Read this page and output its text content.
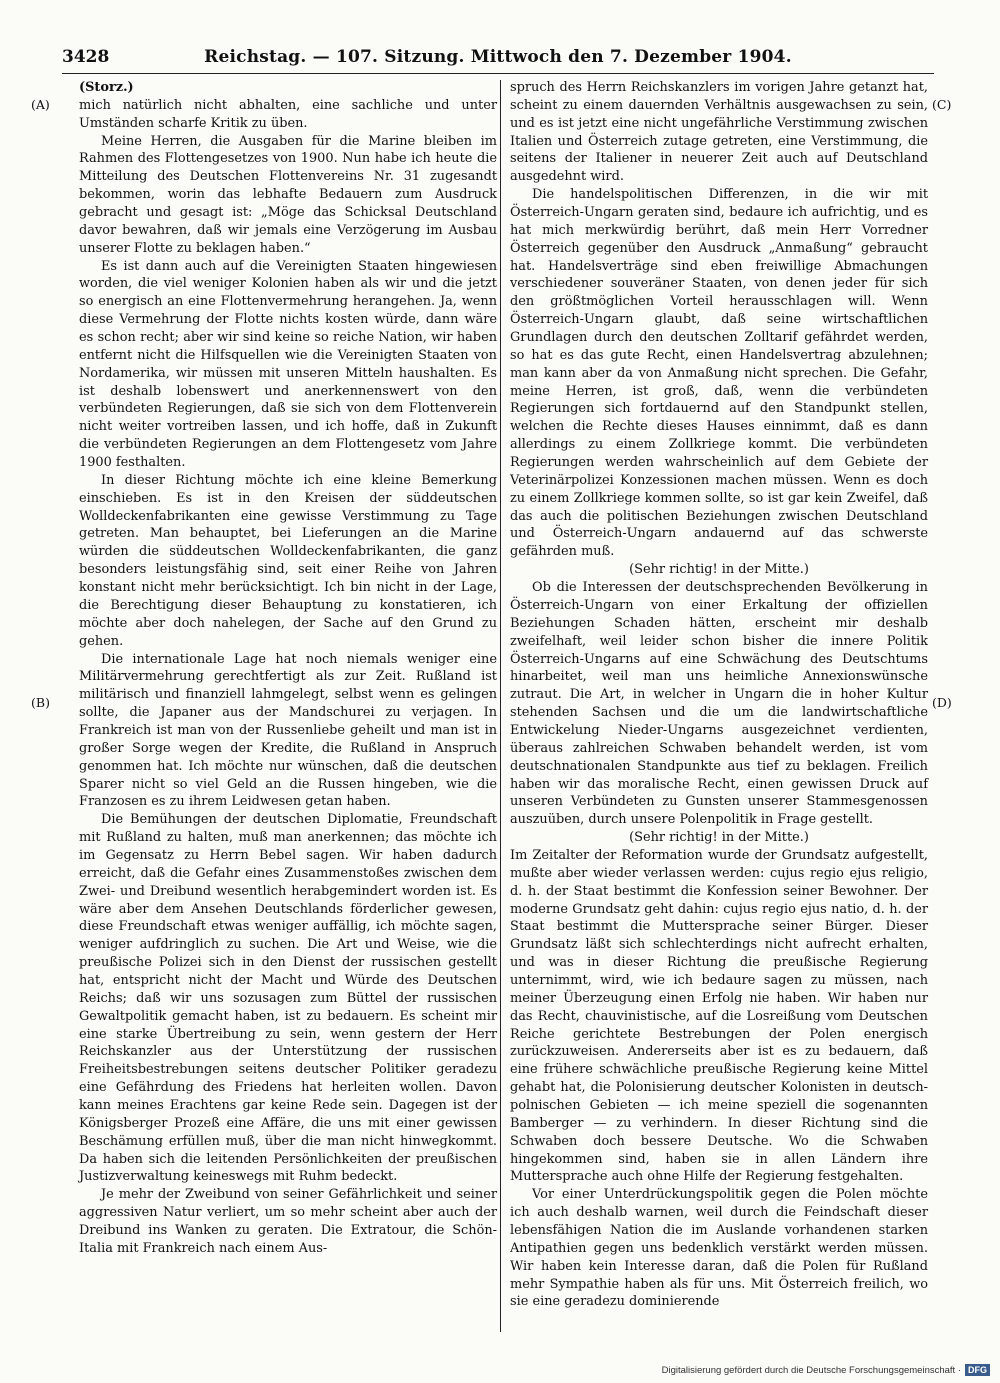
3428	Reichstag. — 107. Sitzung. Mittwoch den 7. Dezember 1904.
(A)
(B)
(C)
(D)

(Storz.)

mich natürlich nicht abhalten, eine sachliche und unter Umständen scharfe Kritik zu üben.

Meine Herren, die Ausgaben für die Marine bleiben im Rahmen des Flottengesetzes von 1900. Nun habe ich heute die Mitteilung des Deutschen Flottenvereins Nr. 31 zugesandt bekommen, worin das lebhafte Bedauern zum Ausdruck gebracht und gesagt ist: „Möge das Schicksal Deutschland davor bewahren, daß wir jemals eine Verzögerung im Ausbau unserer Flotte zu beklagen haben.“

Es ist dann auch auf die Vereinigten Staaten hingewiesen worden, die viel weniger Kolonien haben als wir und die jetzt so energisch an eine Flottenvermehrung herangehen. Ja, wenn diese Vermehrung der Flotte nichts kosten würde, dann wäre es schon recht; aber wir sind keine so reiche Nation, wir haben entfernt nicht die Hilfsquellen wie die Vereinigten Staaten von Nordamerika, wir müssen mit unseren Mitteln haushalten. Es ist deshalb lobenswert und anerkennenswert von den verbündeten Regierungen, daß sie sich von dem Flottenverein nicht weiter vortreiben lassen, und ich hoffe, daß in Zukunft die verbündeten Regierungen an dem Flottengesetz vom Jahre 1900 festhalten.

In dieser Richtung möchte ich eine kleine Bemerkung einschieben. Es ist in den Kreisen der süddeutschen Wolldeckenfabrikanten eine gewisse Verstimmung zu Tage getreten. Man behauptet, bei Lieferungen an die Marine würden die süddeutschen Wolldeckenfabrikanten, die ganz besonders leistungsfähig sind, seit einer Reihe von Jahren konstant nicht mehr berücksichtigt. Ich bin nicht in der Lage, die Berechtigung dieser Behauptung zu konstatieren, ich möchte aber doch nahelegen, der Sache auf den Grund zu gehen.

Die internationale Lage hat noch niemals weniger eine Militärvermehrung gerechtfertigt als zur Zeit. Rußland ist militärisch und finanziell lahmgelegt, selbst wenn es gelingen sollte, die Japaner aus der Mandschurei zu verjagen. In Frankreich ist man von der Russenliebe geheilt und man ist in großer Sorge wegen der Kredite, die Rußland in Anspruch genommen hat. Ich möchte nur wünschen, daß die deutschen Sparer nicht so viel Geld an die Russen hingeben, wie die Franzosen es zu ihrem Leidwesen getan haben.

Die Bemühungen der deutschen Diplomatie, Freundschaft mit Rußland zu halten, muß man anerkennen; das möchte ich im Gegensatz zu Herrn Bebel sagen. Wir haben dadurch erreicht, daß die Gefahr eines Zusammenstoßes zwischen dem Zwei- und Dreibund wesentlich herabgemindert worden ist. Es wäre aber dem Ansehen Deutschlands förderlicher gewesen, diese Freundschaft etwas weniger auffällig, ich möchte sagen, weniger aufdringlich zu suchen. Die Art und Weise, wie die preußische Polizei sich in den Dienst der russischen gestellt hat, entspricht nicht der Macht und Würde des Deutschen Reichs; daß wir uns sozusagen zum Büttel der russischen Gewaltpolitik gemacht haben, ist zu bedauern. Es scheint mir eine starke Übertreibung zu sein, wenn gestern der Herr Reichskanzler aus der Unterstützung der russischen Freiheitsbestrebungen seitens deutscher Politiker geradezu eine Gefährdung des Friedens hat herleiten wollen. Davon kann meines Erachtens gar keine Rede sein. Dagegen ist der Königsberger Prozeß eine Affäre, die uns mit einer gewissen Beschämung erfüllen muß, über die man nicht hinwegkommt. Da haben sich die leitenden Persönlichkeiten der preußischen Justizverwaltung keineswegs mit Ruhm bedeckt.

Je mehr der Zweibund von seiner Gefährlichkeit und seiner aggressiven Natur verliert, um so mehr scheint aber auch der Dreibund ins Wanken zu geraten. Die Extratour, die Schön-Italia mit Frankreich nach einem Aus-

spruch des Herrn Reichskanzlers im vorigen Jahre getanzt hat, scheint zu einem dauernden Verhältnis ausgewachsen zu sein, und es ist jetzt eine nicht ungefährliche Verstimmung zwischen Italien und Österreich zutage getreten, eine Verstimmung, die seitens der Italiener in neuerer Zeit auch auf Deutschland ausgedehnt wird.

Die handelspolitischen Differenzen, in die wir mit Österreich-Ungarn geraten sind, bedaure ich aufrichtig, und es hat mich merkwürdig berührt, daß mein Herr Vorredner Österreich gegenüber den Ausdruck „Anmaßung“ gebraucht hat. Handelsverträge sind eben freiwillige Abmachungen verschiedener souveräner Staaten, von denen jeder für sich den größtmöglichen Vorteil herausschlagen will. Wenn Österreich-Ungarn glaubt, daß seine wirtschaftlichen Grundlagen durch den deutschen Zolltarif gefährdet werden, so hat es das gute Recht, einen Handelsvertrag abzulehnen; man kann aber da von Anmaßung nicht sprechen. Die Gefahr, meine Herren, ist groß, daß, wenn die verbündeten Regierungen sich fortdauernd auf den Standpunkt stellen, welchen die Rechte dieses Hauses einnimmt, daß es dann allerdings zu einem Zollkriege kommt. Die verbündeten Regierungen werden wahrscheinlich auf dem Gebiete der Veterinärpolizei Konzessionen machen müssen. Wenn es doch zu einem Zollkriege kommen sollte, so ist gar kein Zweifel, daß das auch die politischen Beziehungen zwischen Deutschland und Österreich-Ungarn andauernd auf das schwerste gefährden muß.

(Sehr richtig! in der Mitte.)

Ob die Interessen der deutschsprechenden Bevölkerung in Österreich-Ungarn von einer Erkaltung der offiziellen Beziehungen Schaden hätten, erscheint mir deshalb zweifelhaft, weil leider schon bisher die innere Politik Österreich-Ungarns auf eine Schwächung des Deutschtums hinarbeitet, weil man uns heimliche Annexionswünsche zutraut. Die Art, in welcher in Ungarn die in hoher Kultur stehenden Sachsen und die um die landwirtschaftliche Entwickelung Nieder-Ungarns ausgezeichnet verdienten, überaus zahlreichen Schwaben behandelt werden, ist vom deutschnationalen Standpunkte aus tief zu beklagen. Freilich haben wir das moralische Recht, einen gewissen Druck auf unseren Verbündeten zu Gunsten unserer Stammesgenossen auszuüben, durch unsere Polenpolitik in Frage gestellt.

(Sehr richtig! in der Mitte.)

Im Zeitalter der Reformation wurde der Grundsatz aufgestellt, mußte aber wieder verlassen werden: cujus regio ejus religio, d. h. der Staat bestimmt die Konfession seiner Bewohner. Der moderne Grundsatz geht dahin: cujus regio ejus natio, d. h. der Staat bestimmt die Muttersprache seiner Bürger. Dieser Grundsatz läßt sich schlechterdings nicht aufrecht erhalten, und was in dieser Richtung die preußische Regierung unternimmt, wird, wie ich bedaure sagen zu müssen, nach meiner Überzeugung einen Erfolg nie haben. Wir haben nur das Recht, chauvinistische, auf die Losreißung vom Deutschen Reiche gerichtete Bestrebungen der Polen energisch zurückzuweisen. Andererseits aber ist es zu bedauern, daß eine frühere schwächliche preußische Regierung keine Mittel gehabt hat, die Polonisierung deutscher Kolonisten in deutsch-polnischen Gebieten — ich meine speziell die sogenannten Bamberger — zu verhindern. In dieser Richtung sind die Schwaben doch bessere Deutsche. Wo die Schwaben hingekommen sind, haben sie in allen Ländern ihre Muttersprache auch ohne Hilfe der Regierung festgehalten.

Vor einer Unterdrückungspolitik gegen die Polen möchte ich auch deshalb warnen, weil durch die Feindschaft dieser lebensfähigen Nation die im Auslande vorhandenen starken Antipathien gegen uns bedenklich verstärkt werden müssen. Wir haben kein Interesse daran, daß die Polen für Rußland mehr Sympathie haben als für uns. Mit Österreich freilich, wo sie eine geradezu dominierende

Digitalisierung gefördert durch die Deutsche Forschungsgemeinschaft · DFG
